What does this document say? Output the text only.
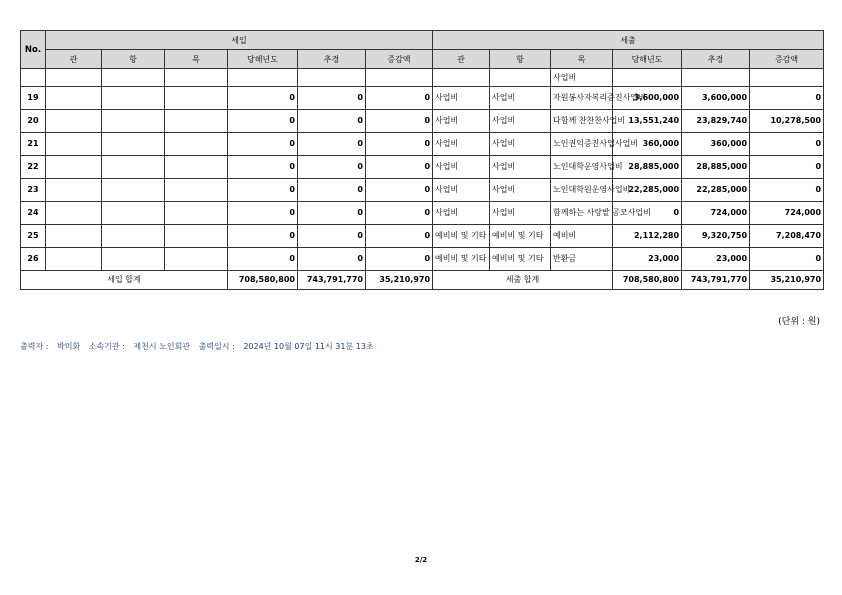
No.	세입						세출					
	관	항	목	당해년도	추경	증감액	관	항	목	당해년도	추경	증감액
									사업비			
19				0	0	0	사업비	사업비	자원봉사자복리증진사업비	3,600,000	3,600,000	0
20				0	0	0	사업비	사업비	다함께 찬찬찬사업비	13,551,240	23,829,740	10,278,500
21				0	0	0	사업비	사업비	노인권익증진사업사업비	360,000	360,000	0
22				0	0	0	사업비	사업비	노인대학운영사업비	28,885,000	28,885,000	0
23				0	0	0	사업비	사업비	노인대학원운영사업비	22,285,000	22,285,000	0
24				0	0	0	사업비	사업비	함께하는 사랑밭 공모사업비	0	724,000	724,000
25				0	0	0	예비비 및 기타	예비비 및 기타	예비비	2,112,280	9,320,750	7,208,470
26				0	0	0	예비비 및 기타	예비비 및 기타	반환금	23,000	23,000	0
세입 합계				708,580,800	743,791,770	35,210,970	세출 합계			708,580,800	743,791,770	35,210,970
(단위 : 원)
출력자 : 박미화 소속기관 : 제천시 노인회관 출력일시 : 2024년 10월 07일 11시 31분 13초
2/2
